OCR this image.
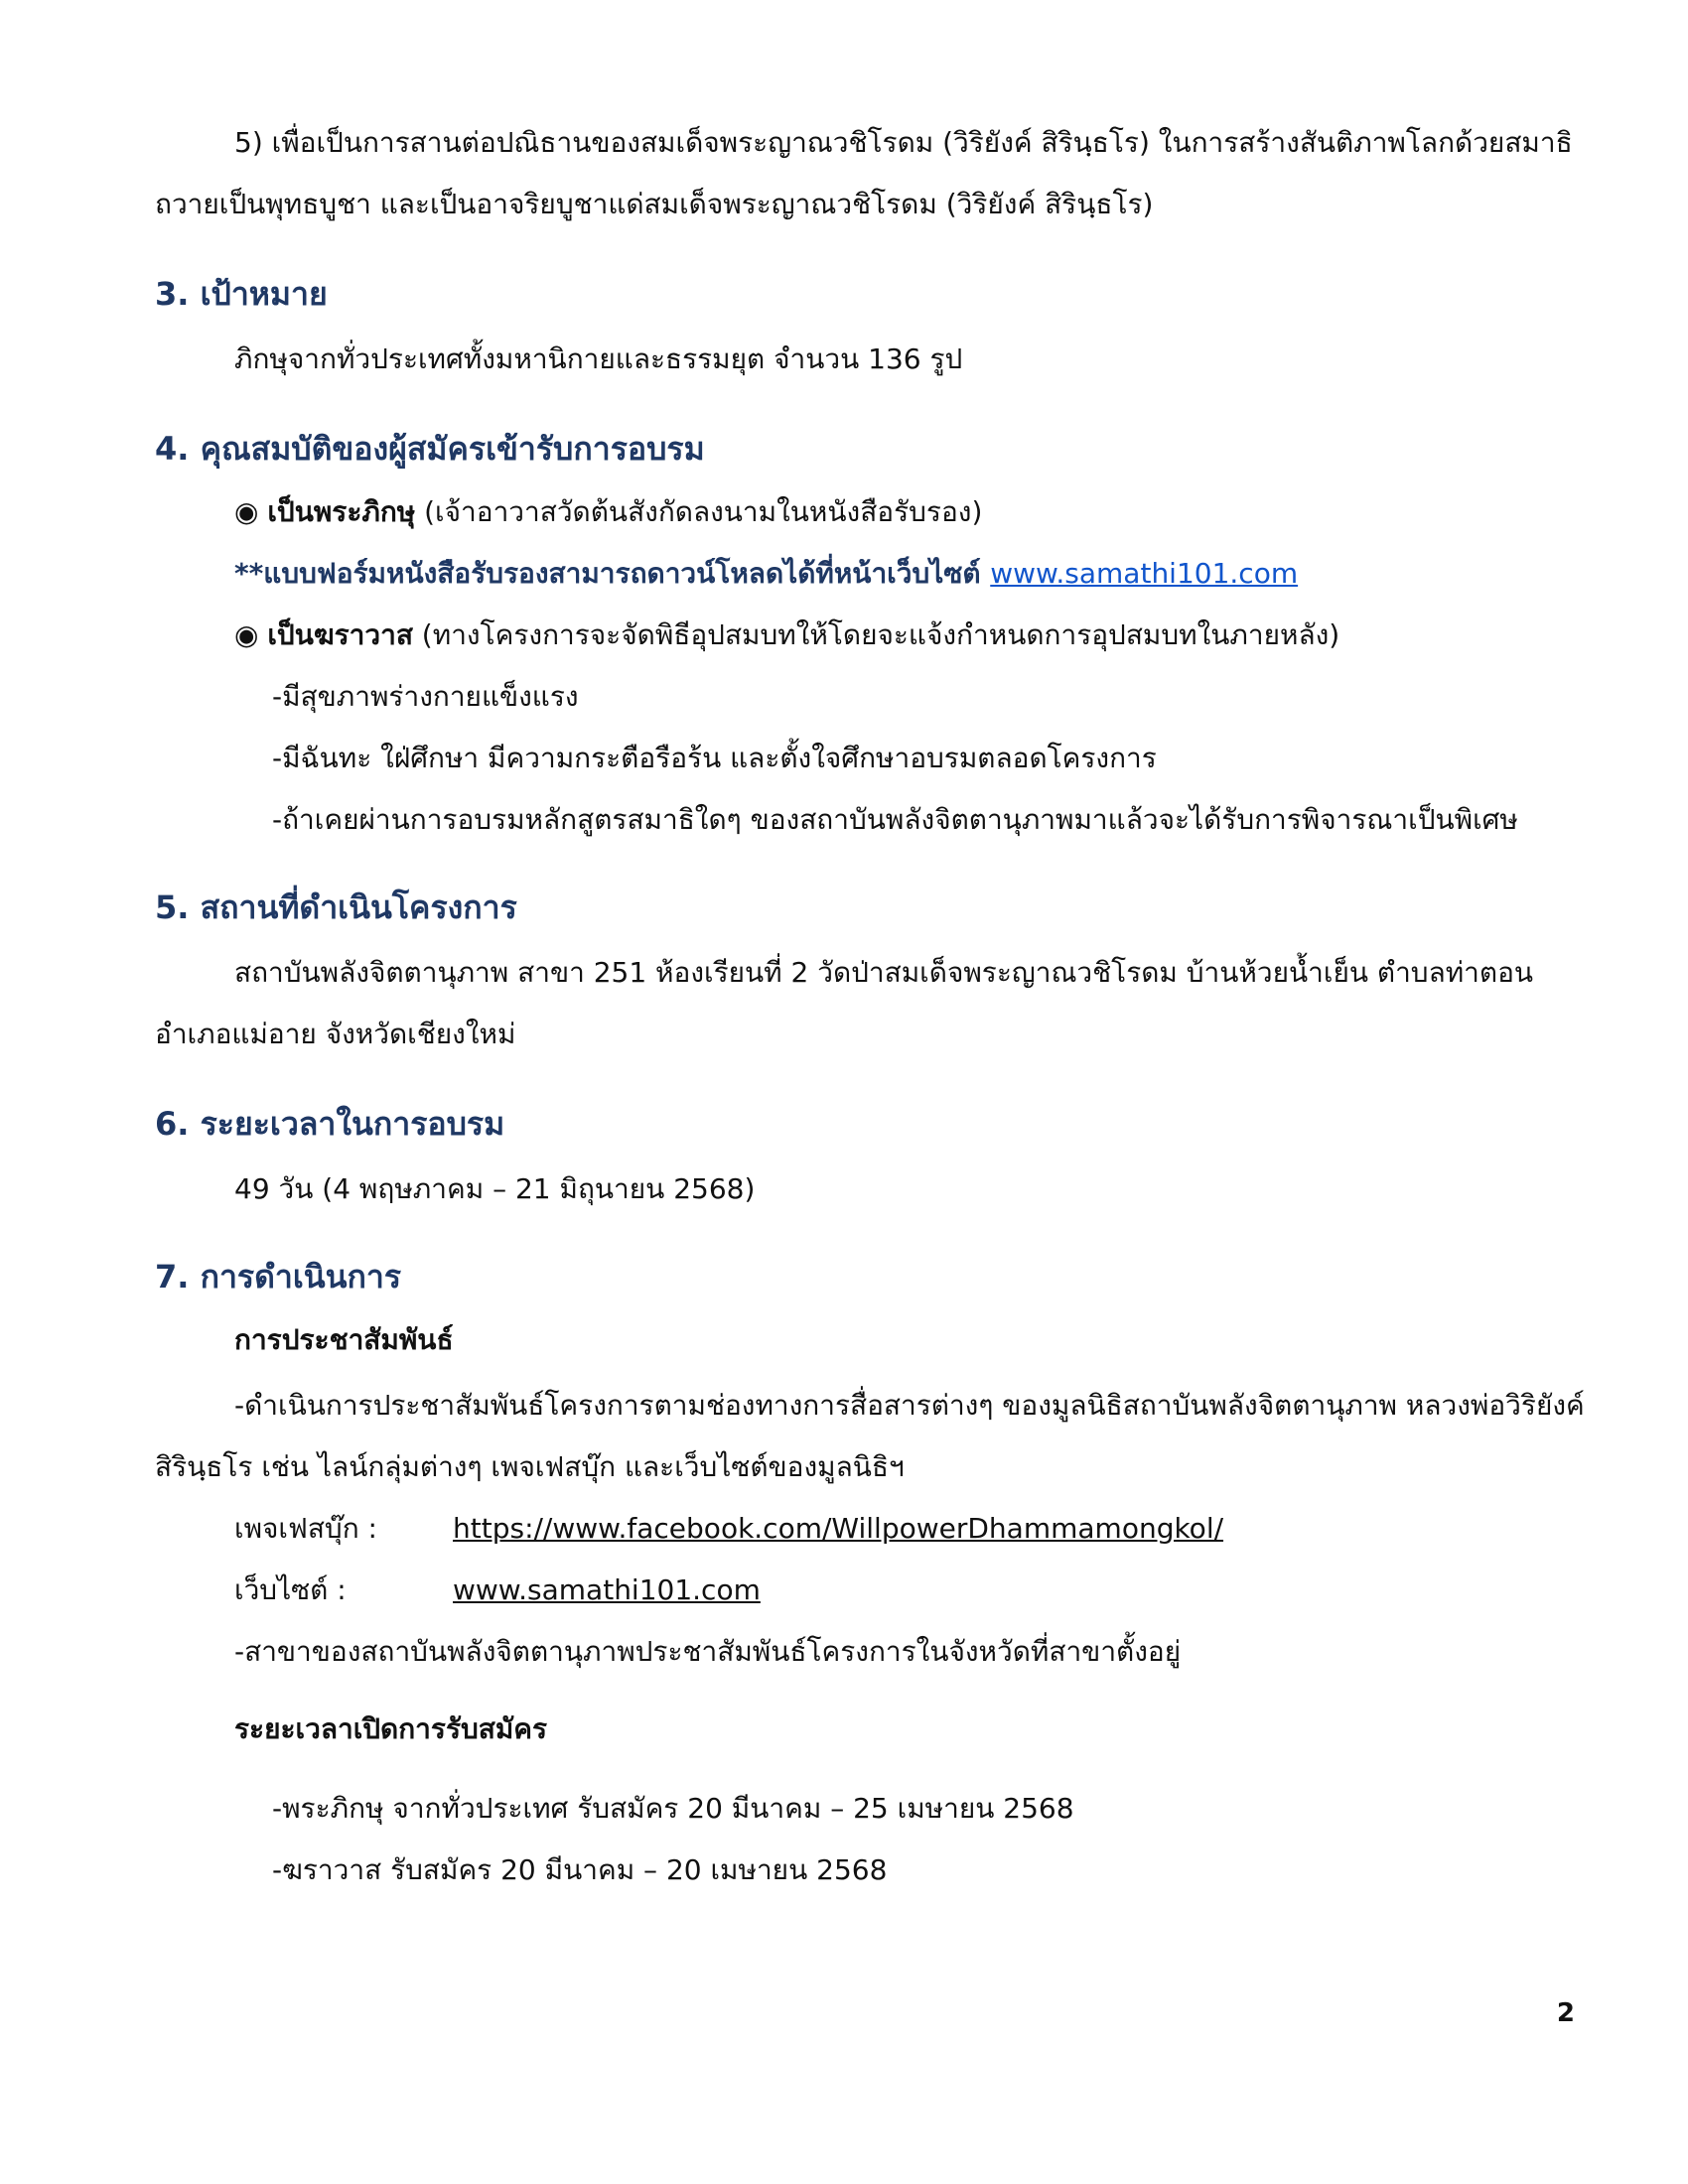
5) เพื่อเป็นการสานต่อปณิธานของสมเด็จพระญาณวชิโรดม (วิริยังค์ สิรินฺธโร) ในการสร้างสันติภาพโลกด้วยสมาธิ
ถวายเป็นพุทธบูชา และเป็นอาจริยบูชาแด่สมเด็จพระญาณวชิโรดม (วิริยังค์ สิรินฺธโร)
3. เป้าหมาย
ภิกษุจากทั่วประเทศทั้งมหานิกายและธรรมยุต จำนวน 136 รูป
4. คุณสมบัติของผู้สมัครเข้ารับการอบรม
◉ เป็นพระภิกษุ (เจ้าอาวาสวัดต้นสังกัดลงนามในหนังสือรับรอง)
**แบบฟอร์มหนังสือรับรองสามารถดาวน์โหลดได้ที่หน้าเว็บไซต์ www.samathi101.com
◉ เป็นฆราวาส (ทางโครงการจะจัดพิธีอุปสมบทให้โดยจะแจ้งกำหนดการอุปสมบทในภายหลัง)
-มีสุขภาพร่างกายแข็งแรง
-มีฉันทะ ใฝ่ศึกษา มีความกระตือรือร้น และตั้งใจศึกษาอบรมตลอดโครงการ
-ถ้าเคยผ่านการอบรมหลักสูตรสมาธิใดๆ ของสถาบันพลังจิตตานุภาพมาแล้วจะได้รับการพิจารณาเป็นพิเศษ
5. สถานที่ดำเนินโครงการ
สถาบันพลังจิตตานุภาพ สาขา 251 ห้องเรียนที่ 2 วัดป่าสมเด็จพระญาณวชิโรดม บ้านห้วยน้ำเย็น ตำบลท่าตอน
อำเภอแม่อาย จังหวัดเชียงใหม่
6. ระยะเวลาในการอบรม
49 วัน (4 พฤษภาคม – 21 มิถุนายน 2568)
7. การดำเนินการ
การประชาสัมพันธ์
-ดำเนินการประชาสัมพันธ์โครงการตามช่องทางการสื่อสารต่างๆ ของมูลนิธิสถาบันพลังจิตตานุภาพ หลวงพ่อวิริยังค์
สิรินฺธโร เช่น ไลน์กลุ่มต่างๆ เพจเฟสบุ๊ก และเว็บไซต์ของมูลนิธิฯ
เพจเฟสบุ๊ก :	https://www.facebook.com/WillpowerDhammamongkol/
เว็บไซต์ :	www.samathi101.com
-สาขาของสถาบันพลังจิตตานุภาพประชาสัมพันธ์โครงการในจังหวัดที่สาขาตั้งอยู่
ระยะเวลาเปิดการรับสมัคร
-พระภิกษุ จากทั่วประเทศ รับสมัคร 20 มีนาคม – 25 เมษายน 2568
-ฆราวาส รับสมัคร 20 มีนาคม – 20 เมษายน 2568
2
